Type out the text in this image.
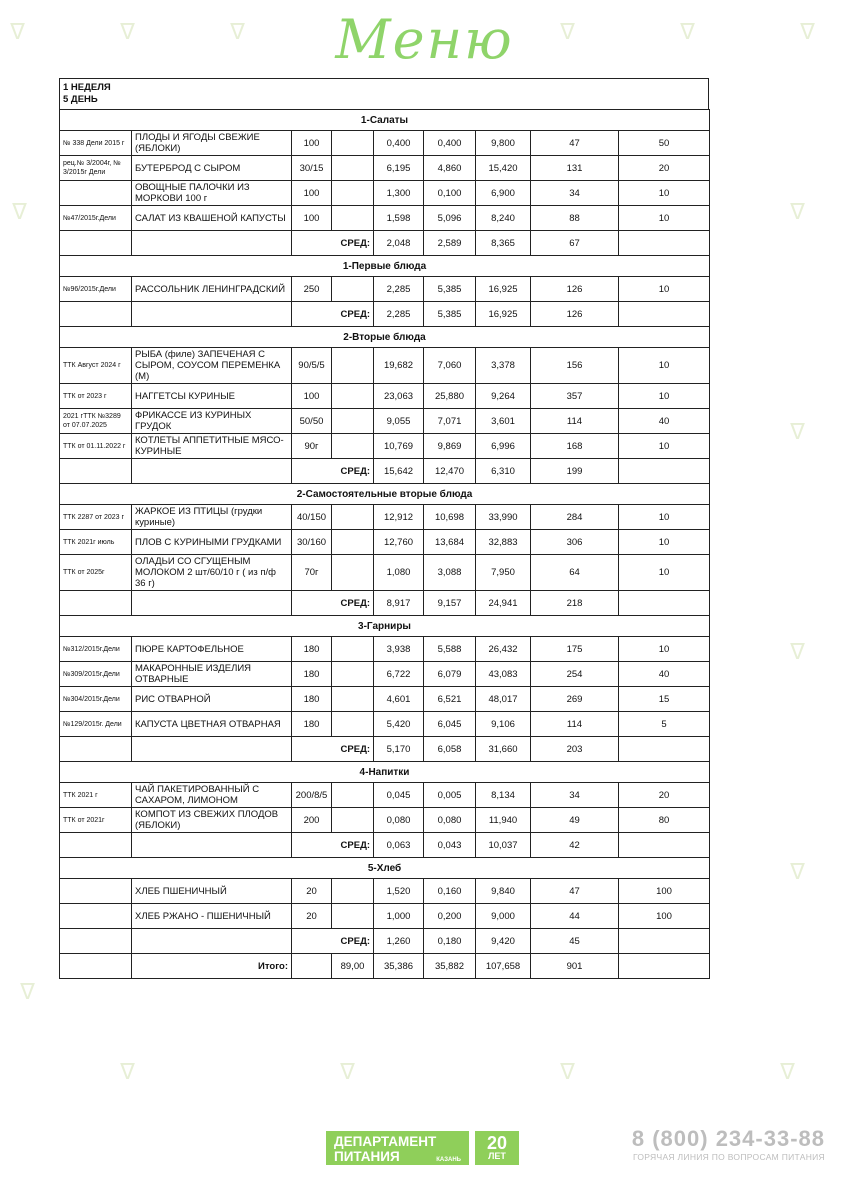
ᐁ	ᐁ	ᐁ	ᐁ	ᐁ	ᐁ
ᐁ
ᐁ
ᐁ
ᐁ
ᐁ
ᐁ
ᐁ	ᐁ	ᐁ	ᐁ
Меню
1 НЕДЕЛЯ
5 ДЕНЬ
1-Салаты								
№ 338 Дели 2015 г	ПЛОДЫ И ЯГОДЫ СВЕЖИЕ (ЯБЛОКИ)	100		0,400	0,400	9,800	47	50
рец.№ 3/2004г, № 3/2015г Дели	БУТЕРБРОД С СЫРОМ	30/15		6,195	4,860	15,420	131	20
	ОВОЩНЫЕ ПАЛОЧКИ ИЗ МОРКОВИ 100 г	100		1,300	0,100	6,900	34	10
№47/2015г.Дели	САЛАТ ИЗ КВАШЕНОЙ КАПУСТЫ	100		1,598	5,096	8,240	88	10
		СРЕД:		2,048	2,589	8,365	67	
1-Первые блюда								
№96/2015г.Дели	РАССОЛЬНИК ЛЕНИНГРАДСКИЙ	250		2,285	5,385	16,925	126	10
		СРЕД:		2,285	5,385	16,925	126	
2-Вторые блюда								
ТТК Август 2024 г	РЫБА (филе) ЗАПЕЧЕНАЯ С СЫРОМ, СОУСОМ ПЕРЕМЕНКА (М)	90/5/5		19,682	7,060	3,378	156	10
ТТК от 2023 г	НАГГЕТСЫ КУРИНЫЕ	100		23,063	25,880	9,264	357	10
2021 гТТК №3289 от 07.07.2025	ФРИКАССЕ ИЗ КУРИНЫХ ГРУДОК	50/50		9,055	7,071	3,601	114	40
ТТК от 01.11.2022 г	КОТЛЕТЫ АППЕТИТНЫЕ МЯСО-КУРИНЫЕ	90г		10,769	9,869	6,996	168	10
		СРЕД:		15,642	12,470	6,310	199	
2-Самостоятельные вторые блюда								
ТТК 2287 от 2023 г	ЖАРКОЕ ИЗ ПТИЦЫ (грудки куриные)	40/150		12,912	10,698	33,990	284	10
ТТК 2021г июль	ПЛОВ С КУРИНЫМИ ГРУДКАМИ	30/160		12,760	13,684	32,883	306	10
ТТК от 2025г	ОЛАДЬИ СО СГУЩЕНЫМ МОЛОКОМ 2 шт/60/10 г ( из п/ф 36 г)	70г		1,080	3,088	7,950	64	10
		СРЕД:		8,917	9,157	24,941	218	
3-Гарниры								
№312/2015г.Дели	ПЮРЕ КАРТОФЕЛЬНОЕ	180		3,938	5,588	26,432	175	10
№309/2015г.Дели	МАКАРОННЫЕ ИЗДЕЛИЯ ОТВАРНЫЕ	180		6,722	6,079	43,083	254	40
№304/2015г.Дели	РИС ОТВАРНОЙ	180		4,601	6,521	48,017	269	15
№129/2015г. Дели	КАПУСТА ЦВЕТНАЯ ОТВАРНАЯ	180		5,420	6,045	9,106	114	5
		СРЕД:		5,170	6,058	31,660	203	
4-Напитки								
ТТК 2021 г	ЧАЙ ПАКЕТИРОВАННЫЙ С САХАРОМ, ЛИМОНОМ	200/8/5		0,045	0,005	8,134	34	20
ТТК от 2021г	КОМПОТ ИЗ СВЕЖИХ ПЛОДОВ (ЯБЛОКИ)	200		0,080	0,080	11,940	49	80
		СРЕД:		0,063	0,043	10,037	42	
5-Хлеб								
	ХЛЕБ ПШЕНИЧНЫЙ	20		1,520	0,160	9,840	47	100
	ХЛЕБ РЖАНО - ПШЕНИЧНЫЙ	20		1,000	0,200	9,000	44	100
		СРЕД:		1,260	0,180	9,420	45	
	Итого:		89,00	35,386	35,882	107,658	901	
ДЕПАРТАМЕНТ
ПИТАНИЯ	КАЗАНЬ
20
ЛЕТ
8 (800) 234-33-88
ГОРЯЧАЯ ЛИНИЯ ПО ВОПРОСАМ ПИТАНИЯ
